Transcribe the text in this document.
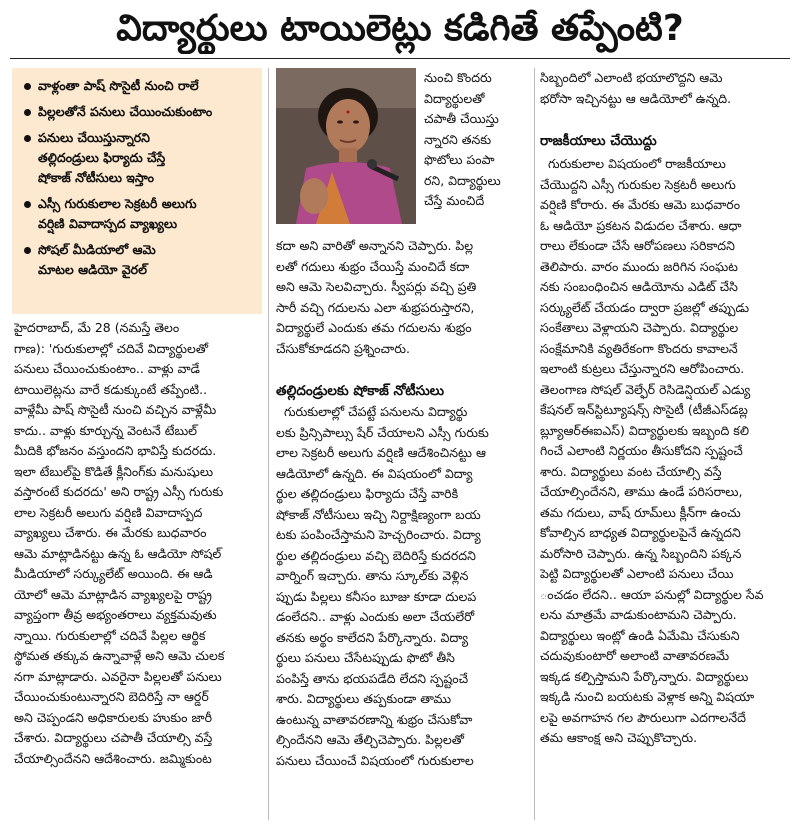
విద్యార్థులు టాయిలెట్లు కడిగితే తప్పేంటి?
వాళ్లంతా పాష్ సొసైటీ నుంచి రాలే
పిల్లలతోనే పనులు చేయించుకుంటాం
పనులు చేయిస్తున్నారని
తల్లిదండ్రులు ఫిర్యాదు చేస్తే
షోకాజ్ నోటీసులు ఇస్తాం
ఎస్సీ గురుకులాల సెక్రటరీ అలుగు
వర్షిణి వివాదాస్పద వ్యాఖ్యలు
సోషల్ మీడియాలో ఆమె
మాటల ఆడియో వైరల్
హైదరాబాద్, మే 28 (నమస్తే తెలం
గాణ): 'గురుకులాల్లో చదివే విద్యార్థులతో
పనులు చేయించుకుంటాం.. వాళ్లు వాడే
టాయిలెట్లను వారే కడుక్కుంటే తప్పేంటి..
వాళ్లేమీ పాష్ సొసైటీ నుంచి వచ్చిన వాళ్లేమీ
కాదు.. వాళ్లు కూర్చున్న వెంటనే టేబుల్
మీదికి భోజనం వస్తుందని భావిస్తే కుదరదు.
ఇలా టేబుల్‌పై కొడితే క్లీనింగ్‌కు మనుషులు
వస్తారంటే కుదరదు' అని రాష్ట్ర ఎస్సీ గురుకు
లాల సెక్రటరీ అలుగు వర్షిణి వివాదాస్పద
వ్యాఖ్యలు చేశారు. ఈ మేరకు బుధవారం
ఆమె మాట్లాడినట్టు ఉన్న ఓ ఆడియో సోషల్
మీడియాలో సర్క్యులేట్ అయింది. ఈ ఆడి
యోలో ఆమె మాట్లాడిన వ్యాఖ్యలపై రాష్ట్ర
వ్యాప్తంగా తీవ్ర అభ్యంతరాలు వ్యక్తమవుతు
న్నాయి. గురుకులాల్లో చదివే పిల్లల ఆర్థిక
స్థోమత తక్కువ ఉన్నావాళ్లే అని ఆమె చులక
నగా మాట్లాడారు. ఎవరైనా పిల్లలతో పనులు
చేయించుకుంటున్నారని బెదిరిస్తే నా ఆర్డర్
అని చెప్పండని అధికారులకు హుకుం జారీ
చేశారు. విద్యార్థులు చపాతీ చేయాల్సి వస్తే
చేయాల్సిందేనని ఆదేశించారు. జమ్మికుంట
నుంచి కొందరు
విద్యార్థులతో
చపాతీ చేయిస్తు
న్నారని తనకు
ఫొటోలు పంపా
రని, విద్యార్థులు
చేస్తే మంచిదే
కదా అని వారితో అన్నానని చెప్పారు. పిల్ల
లతో గదులు శుభ్రం చేయిస్తే మంచిదే కదా
అని ఆమె సెలవిచ్చారు. స్వీపర్లు వచ్చి ప్రతి
సారీ వచ్చి గదులను ఎలా శుభ్రపరుస్తారని,
విద్యార్థులే ఎందుకు తమ గదులను శుభ్రం
చేసుకోకూడదని ప్రశ్నించారు.
తల్లిదండ్రులకు షోకాజ్ నోటీసులు
గురుకులాల్లో చేపట్టే పనులను విద్యార్థు
లకు ప్రిన్సిపాల్సు షేర్ చేయాలని ఎస్సీ గురుకు
లాల సెక్రటరీ అలుగు వర్షిణి ఆదేశించినట్టు ఆ
ఆడియోలో ఉన్నది. ఈ విషయంలో విద్యా
ర్థుల తల్లిదండ్రులు ఫిర్యాదు చేస్తే వారికి
షోకాజ్ నోటీసులు ఇచ్చి నిర్దాక్షిణ్యంగా బయ
టకు పంపించేస్తామని హెచ్చరించారు. విద్యా
ర్థుల తల్లిదండ్రులు వచ్చి బెదిరిస్తే కుదరదని
వార్నింగ్ ఇచ్చారు. తాను స్కూల్‌కు వెళ్లిన
ప్పుడు పిల్లలు కనీసం బూజు కూడా దులప
డంలేదని.. వాళ్లు ఎందుకు అలా చేయలేరో
తనకు అర్థం కాలేదని పేర్కొన్నారు. విద్యా
ర్థులు పనులు చేసేటప్పుడు ఫొటో తీసి
పంపిస్తే తాను భయపడేది లేదని స్పష్టంచే
శారు. విద్యార్థులు తప్పకుండా తాము
ఉంటున్న వాతావరణాన్ని శుభ్రం చేసుకోవా
ల్సిందేనని ఆమె తేల్చిచెప్పారు. పిల్లలతో
పనులు చేయించే విషయంలో గురుకులాల
సిబ్బందిలో ఎలాంటి భయాలొద్దని ఆమె
భరోసా ఇచ్చినట్టు ఆ ఆడియోలో ఉన్నది.
రాజకీయాలు చేయొద్దు
గురుకులాల విషయంలో రాజకీయాలు
చేయొద్దని ఎస్సీ గురుకుల సెక్రటరీ అలుగు
వర్షిణి కోరారు. ఈ మేరకు ఆమె బుధవారం
ఓ ఆడియో ప్రకటన విడుదల చేశారు. ఆధా
రాలు లేకుండా చేసే ఆరోపణలు సరికాదని
తెలిపారు. వారం ముందు జరిగిన సంఘట
నకు సంబంధించిన ఆడియోను ఎడిట్ చేసి
సర్క్యులేట్ చేయడం ద్వారా ప్రజల్లో తప్పుడు
సంకేతాలు వెళ్లాయని చెప్పారు. విద్యార్థుల
సంక్షేమానికి వ్యతిరేకంగా కొందరు కావాలనే
ఇలాంటి కుట్రలు చేస్తున్నారని ఆరోపించారు.
తెలంగాణ సోషల్ వెల్ఫేర్ రెసిడెన్షియల్ ఎడ్యు
కేషనల్ ఇన్‌స్టిట్యూషన్స్ సొసైటీ (టీజీఎస్‌డబ్ల
బ్ల్యూఆర్‌ఈఐఎస్) విద్యార్థులకు ఇబ్బంది కలి
గించే ఎలాంటి నిర్ణయం తీసుకోదని స్పష్టంచే
శారు. విద్యార్థులు వంట చేయాల్సి వస్తే
చేయాల్సిందేనని, తాము ఉండే పరిసరాలు,
తమ గదులు, వాష్ రూమ్‌లు క్లీన్‌గా ఉంచు
కోవాల్సిన బాధ్యత విద్యార్థులపైనే ఉన్నదని
మరోసారి చెప్పారు. ఉన్న సిబ్బందిని పక్కన
పెట్టి విద్యార్థులతో ఎలాంటి పనులు చేయి
ంచడం లేదని.. ఆయా పనుల్లో విద్యార్థుల సేవ
లను మాత్రమే వాడుకుంటామని చెప్పారు.
విద్యార్థులు ఇంట్లో ఉండి ఏమేమి చేసుకుని
చదువుకుంటారో అలాంటి వాతావరణమే
ఇక్కడ కల్పిస్తామని పేర్కొన్నారు. విద్యార్థులు
ఇక్కడి నుంచి బయటకు వెళ్లాక అన్ని విషయా
లపై అవగాహన గల పౌరులుగా ఎదగాలనేదే
తమ ఆకాంక్ష అని చెప్పుకొచ్చారు.
